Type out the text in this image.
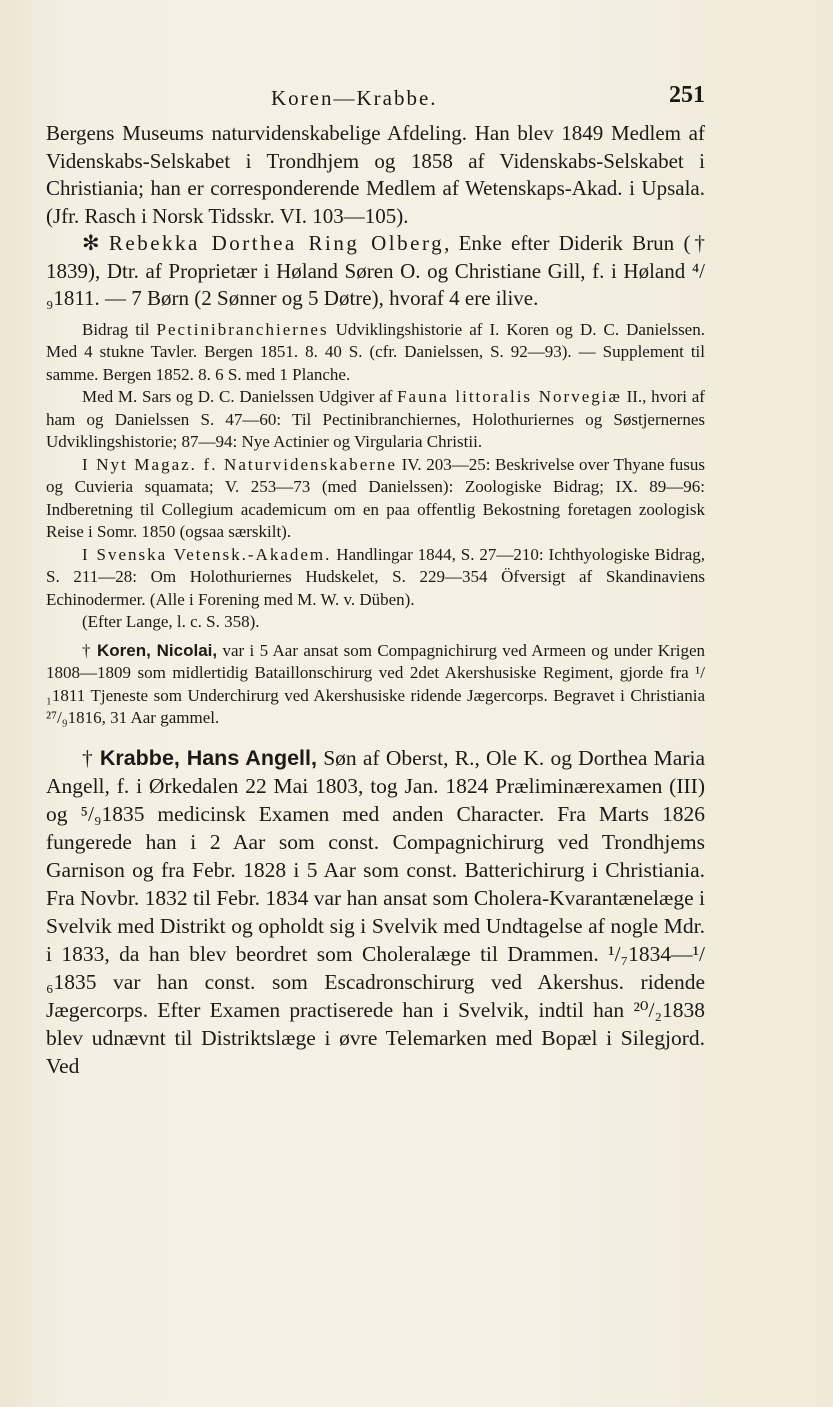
Koren—Krabbe.	251

Bergens Museums naturvidenskabelige Afdeling. Han blev 1849 Medlem af Videnskabs-Selskabet i Trondhjem og 1858 af Videnskabs-Selskabet i Christiania; han er corresponderende Medlem af Wetenskaps-Akad. i Upsala. (Jfr. Rasch i Norsk Tidsskr. VI. 103—105).

✻ Rebekka Dorthea Ring Olberg, Enke efter Diderik Brun († 1839), Dtr. af Proprietær i Høland Søren O. og Christiane Gill, f. i Høland ⁴/₉1811. — 7 Børn (2 Sønner og 5 Døtre), hvoraf 4 ere ilive.

Bidrag til Pectinibranchiernes Udviklingshistorie af I. Koren og D. C. Danielssen. Med 4 stukne Tavler. Bergen 1851. 8. 40 S. (cfr. Danielssen, S. 92—93). — Supplement til samme. Bergen 1852. 8. 6 S. med 1 Planche.

Med M. Sars og D. C. Danielssen Udgiver af Fauna littoralis Norvegiæ II., hvori af ham og Danielssen S. 47—60: Til Pectinibranchiernes, Holothuriernes og Søstjernernes Udviklingshistorie; 87—94: Nye Actinier og Virgularia Christii.

I Nyt Magaz. f. Naturvidenskaberne IV. 203—25: Beskrivelse over Thyane fusus og Cuvieria squamata; V. 253—73 (med Danielssen): Zoologiske Bidrag; IX. 89—96: Indberetning til Collegium academicum om en paa offentlig Bekostning foretagen zoologisk Reise i Somr. 1850 (ogsaa særskilt).

I Svenska Vetensk.-Akadem. Handlingar 1844, S. 27—210: Ichthyologiske Bidrag, S. 211—28: Om Holothuriernes Hudskelet, S. 229—354 Öfversigt af Skandinaviens Echinodermer. (Alle i Forening med M. W. v. Düben).

(Efter Lange, l. c. S. 358).

† Koren, Nicolai, var i 5 Aar ansat som Compagnichirurg ved Armeen og under Krigen 1808—1809 som midlertidig Bataillonschirurg ved 2det Akershusiske Regiment, gjorde fra ¹/₁1811 Tjeneste som Underchirurg ved Akershusiske ridende Jægercorps. Begravet i Christiania ²⁷/₉1816, 31 Aar gammel.

† Krabbe, Hans Angell, Søn af Oberst, R., Ole K. og Dorthea Maria Angell, f. i Ørkedalen 22 Mai 1803, tog Jan. 1824 Præliminærexamen (III) og ⁵/₉1835 medicinsk Examen med anden Character. Fra Marts 1826 fungerede han i 2 Aar som const. Compagnichirurg ved Trondhjems Garnison og fra Febr. 1828 i 5 Aar som const. Batterichirurg i Christiania. Fra Novbr. 1832 til Febr. 1834 var han ansat som Cholera-Kvarantænelæge i Svelvik med Distrikt og opholdt sig i Svelvik med Undtagelse af nogle Mdr. i 1833, da han blev beordret som Choleralæge til Drammen. ¹/₇1834—¹/₆1835 var han const. som Escadronschirurg ved Akershus. ridende Jægercorps. Efter Examen practiserede han i Svelvik, indtil han ²⁰/₂1838 blev udnævnt til Distriktslæge i øvre Telemarken med Bopæl i Silegjord. Ved
